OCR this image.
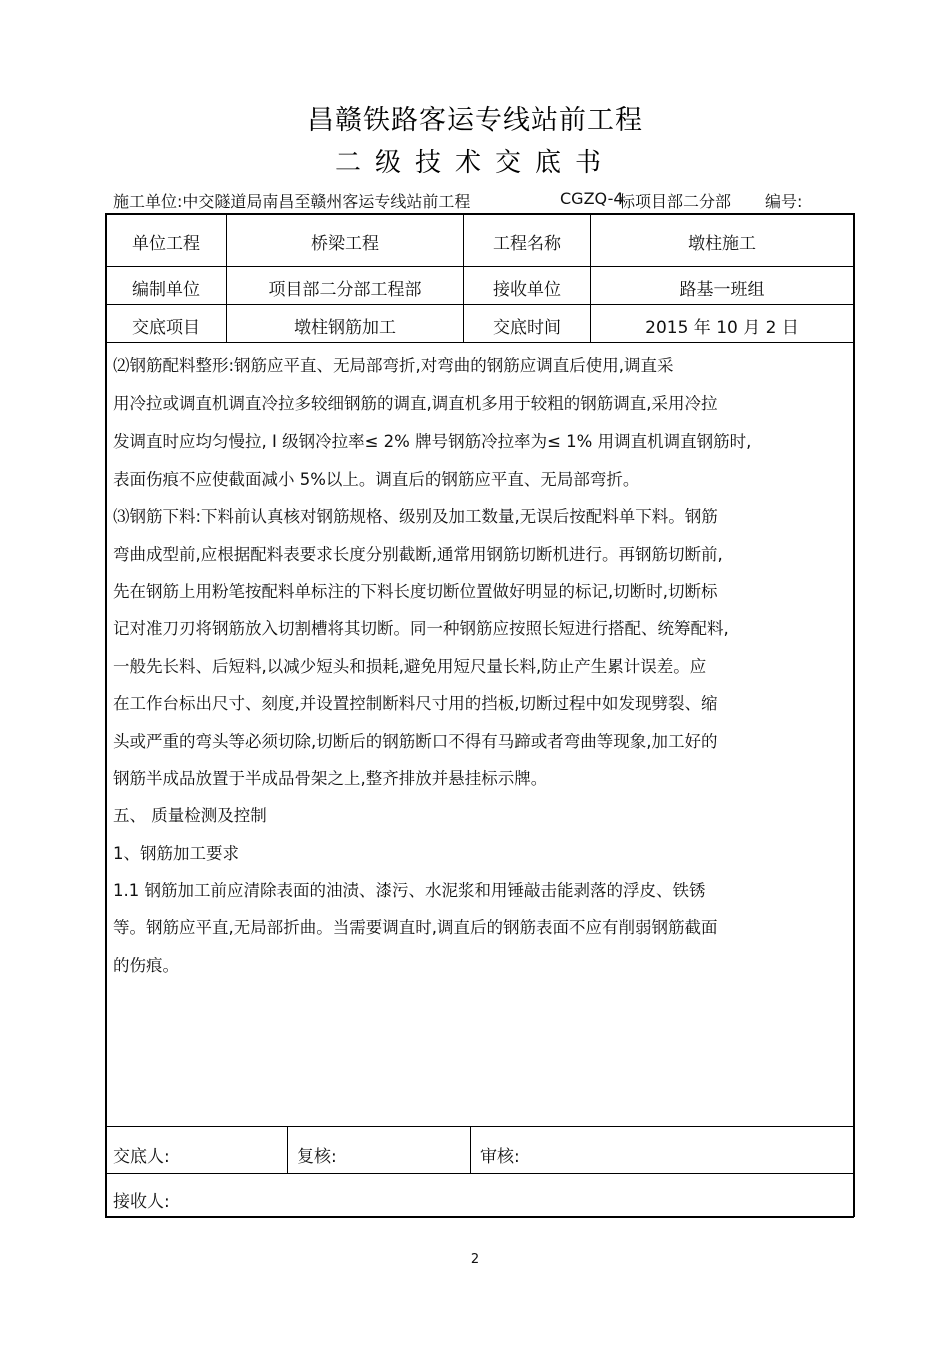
昌赣铁路客运专线站前工程
二级技术交底书
施工单位:中交隧道局南昌至赣州客运专线站前工程	CGZQ-4
标项目部二分部 编号:
单位工程	桥梁工程	工程名称	墩柱施工
编制单位	项目部二分部工程部	接收单位	路基一班组
交底项目	墩柱钢筋加工	交底时间	2015 年 10 月 2 日
⑵钢筋配料整形:钢筋应平直、无局部弯折,对弯曲的钢筋应调直后使用,调直采
用冷拉或调直机调直冷拉多较细钢筋的调直,调直机多用于较粗的钢筋调直,采用冷拉
发调直时应均匀慢拉, I 级钢冷拉率≤ 2% 牌号钢筋冷拉率为≤ 1% 用调直机调直钢筋时,
表面伤痕不应使截面减小 5%以上。调直后的钢筋应平直、无局部弯折。
⑶钢筋下料:下料前认真核对钢筋规格、级别及加工数量,无误后按配料单下料。钢筋
弯曲成型前,应根据配料表要求长度分别截断,通常用钢筋切断机进行。再钢筋切断前,
先在钢筋上用粉笔按配料单标注的下料长度切断位置做好明显的标记,切断时,切断标
记对准刀刃将钢筋放入切割槽将其切断。同一种钢筋应按照长短进行搭配、统筹配料,
一般先长料、后短料,以减少短头和损耗,避免用短尺量长料,防止产生累计误差。应
在工作台标出尺寸、刻度,并设置控制断料尺寸用的挡板,切断过程中如发现劈裂、缩
头或严重的弯头等必须切除,切断后的钢筋断口不得有马蹄或者弯曲等现象,加工好的
钢筋半成品放置于半成品骨架之上,整齐排放并悬挂标示牌。
五、 质量检测及控制
1、钢筋加工要求
1.1 钢筋加工前应清除表面的油渍、漆污、水泥浆和用锤敲击能剥落的浮皮、铁锈
等。钢筋应平直,无局部折曲。当需要调直时,调直后的钢筋表面不应有削弱钢筋截面
的伤痕。
交底人:	复核:	审核:
接收人:
2
